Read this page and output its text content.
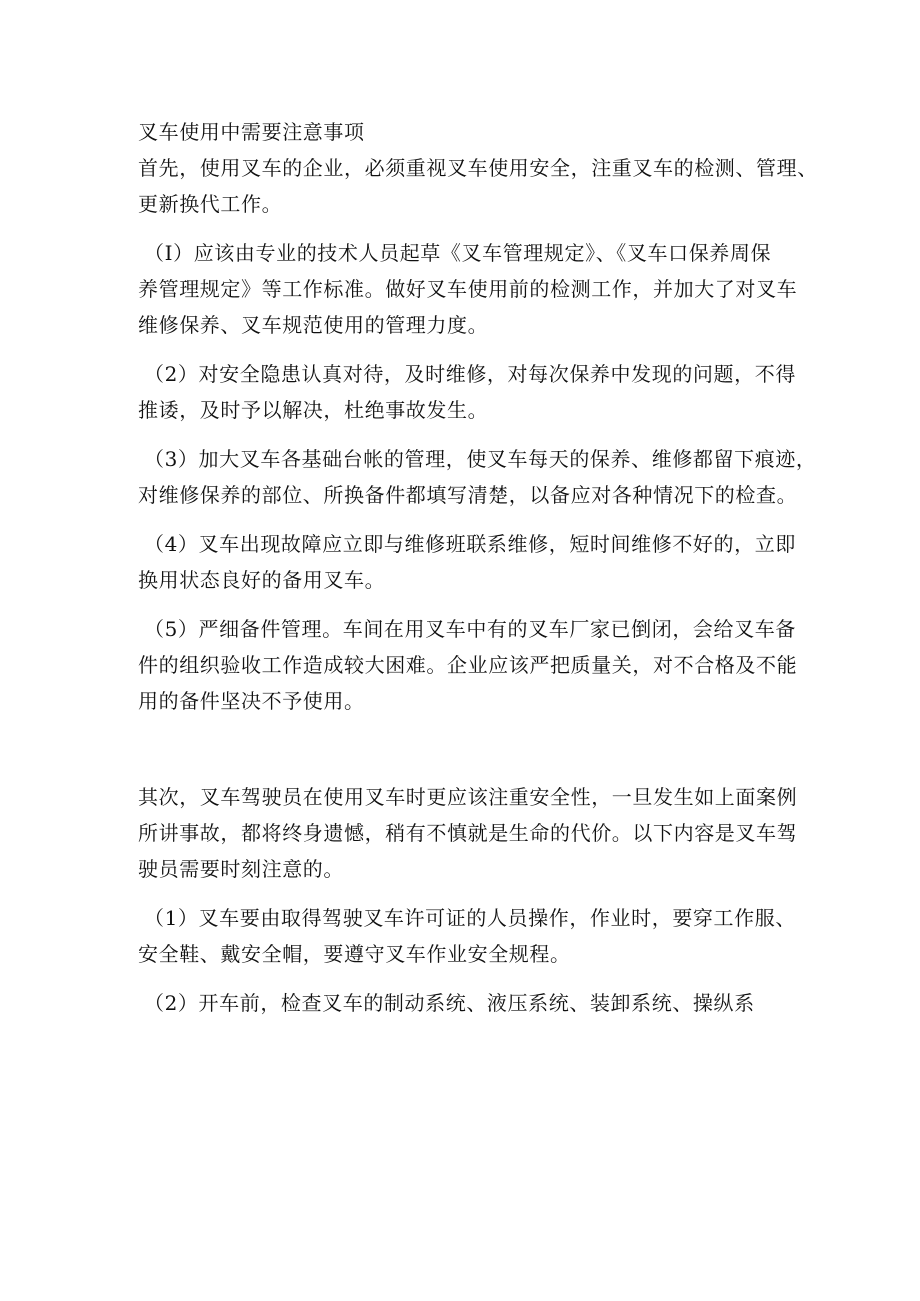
叉车使用中需要注意事项
首先，使用叉车的企业，必须重视叉车使用安全，注重叉车的检测、管理、
更新换代工作。
（I）应该由专业的技术人员起草《叉车管理规定》、《叉车口保养周保
养管理规定》等工作标准。做好叉车使用前的检测工作，并加大了对叉车
维修保养、叉车规范使用的管理力度。
（2）对安全隐患认真对待，及时维修，对每次保养中发现的问题，不得
推诿，及时予以解决，杜绝事故发生。
（3）加大叉车各基础台帐的管理，使叉车每天的保养、维修都留下痕迹，
对维修保养的部位、所换备件都填写清楚，以备应对各种情况下的检查。
（4）叉车出现故障应立即与维修班联系维修，短时间维修不好的，立即
换用状态良好的备用叉车。
（5）严细备件管理。车间在用叉车中有的叉车厂家已倒闭，会给叉车备
件的组织验收工作造成较大困难。企业应该严把质量关，对不合格及不能
用的备件坚决不予使用。
其次，叉车驾驶员在使用叉车时更应该注重安全性，一旦发生如上面案例
所讲事故，都将终身遗憾，稍有不慎就是生命的代价。以下内容是叉车驾
驶员需要时刻注意的。
（1）叉车要由取得驾驶叉车许可证的人员操作，作业时，要穿工作服、
安全鞋、戴安全帽，要遵守叉车作业安全规程。
（2）开车前，检查叉车的制动系统、液压系统、装卸系统、操纵系
